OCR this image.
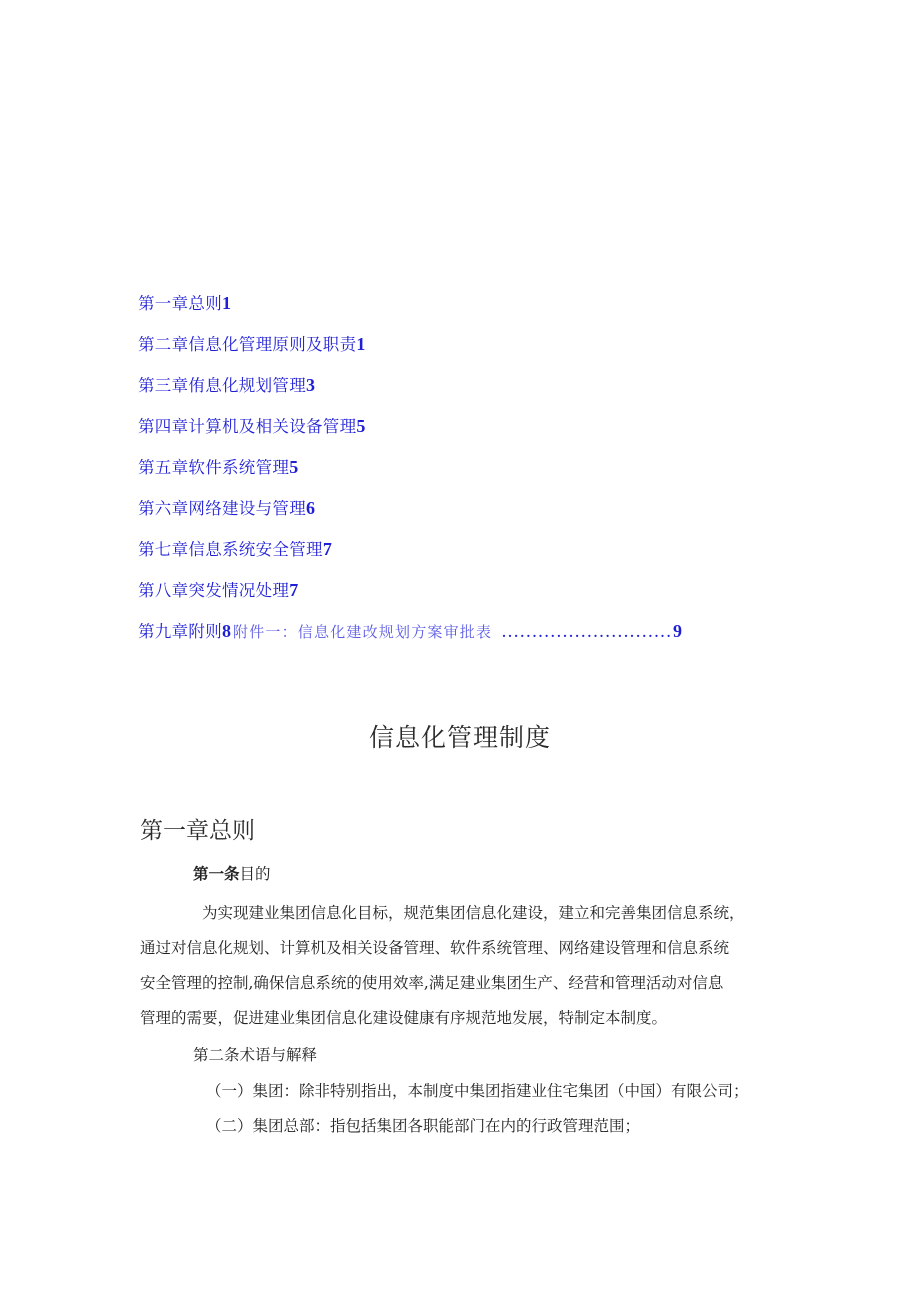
第一章总则1
第二章信息化管理原则及职责1
第三章侑息化规划管理3
第四章计算机及相关设备管理5
第五章软件系统管理5
第六章网络建设与管理6
第七章信息系统安全管理7
第八章突发情况处理7
第九章附则 8 附件一：信息化建改规划方案审批表 ............................ 9
信息化管理制度
第一章总则
第一条目的
为实现建业集团信息化目标，规范集团信息化建设，建立和完善集团信息系统，
通过对信息化规划、计算机及相关设备管理、软件系统管理、网络建设管理和信息系统
安全管理的控制,确保信息系统的使用效率,满足建业集团生产、经营和管理活动对信息
管理的需要，促进建业集团信息化建设健康有序规范地发展，特制定本制度。
第二条术语与解释
（一）集团：除非特别指出，本制度中集团指建业住宅集团（中国）有限公司；
（二）集团总部：指包括集团各职能部门在内的行政管理范围；
